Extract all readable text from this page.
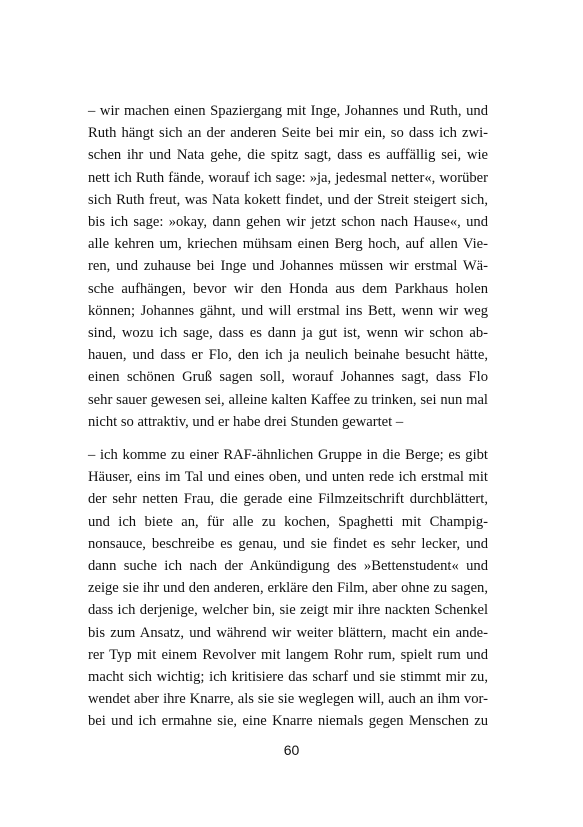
– wir machen einen Spaziergang mit Inge, Johannes und Ruth, und
Ruth hängt sich an der anderen Seite bei mir ein, so dass ich zwi-
schen ihr und Nata gehe, die spitz sagt, dass es auffällig sei, wie
nett ich Ruth fände, worauf ich sage: »ja, jedesmal netter«, worüber
sich Ruth freut, was Nata kokett findet, und der Streit steigert sich,
bis ich sage: »okay, dann gehen wir jetzt schon nach Hause«, und
alle kehren um, kriechen mühsam einen Berg hoch, auf allen Vie-
ren, und zuhause bei Inge und Johannes müssen wir erstmal Wä-
sche aufhängen, bevor wir den Honda aus dem Parkhaus holen
können; Johannes gähnt, und will erstmal ins Bett, wenn wir weg
sind, wozu ich sage, dass es dann ja gut ist, wenn wir schon ab-
hauen, und dass er Flo, den ich ja neulich beinahe besucht hätte,
einen schönen Gruß sagen soll, worauf Johannes sagt, dass Flo
sehr sauer gewesen sei, alleine kalten Kaffee zu trinken, sei nun mal
nicht so attraktiv, und er habe drei Stunden gewartet –
– ich komme zu einer RAF-ähnlichen Gruppe in die Berge; es gibt
Häuser, eins im Tal und eines oben, und unten rede ich erstmal mit
der sehr netten Frau, die gerade eine Filmzeitschrift durchblättert,
und ich biete an, für alle zu kochen, Spaghetti mit Champig-
nonsauce, beschreibe es genau, und sie findet es sehr lecker, und
dann suche ich nach der Ankündigung des »Bettenstudent« und
zeige sie ihr und den anderen, erkläre den Film, aber ohne zu sagen,
dass ich derjenige, welcher bin, sie zeigt mir ihre nackten Schenkel
bis zum Ansatz, und während wir weiter blättern, macht ein ande-
rer Typ mit einem Revolver mit langem Rohr rum, spielt rum und
macht sich wichtig; ich kritisiere das scharf und sie stimmt mir zu,
wendet aber ihre Knarre, als sie sie weglegen will, auch an ihm vor-
bei und ich ermahne sie, eine Knarre niemals gegen Menschen zu
60
